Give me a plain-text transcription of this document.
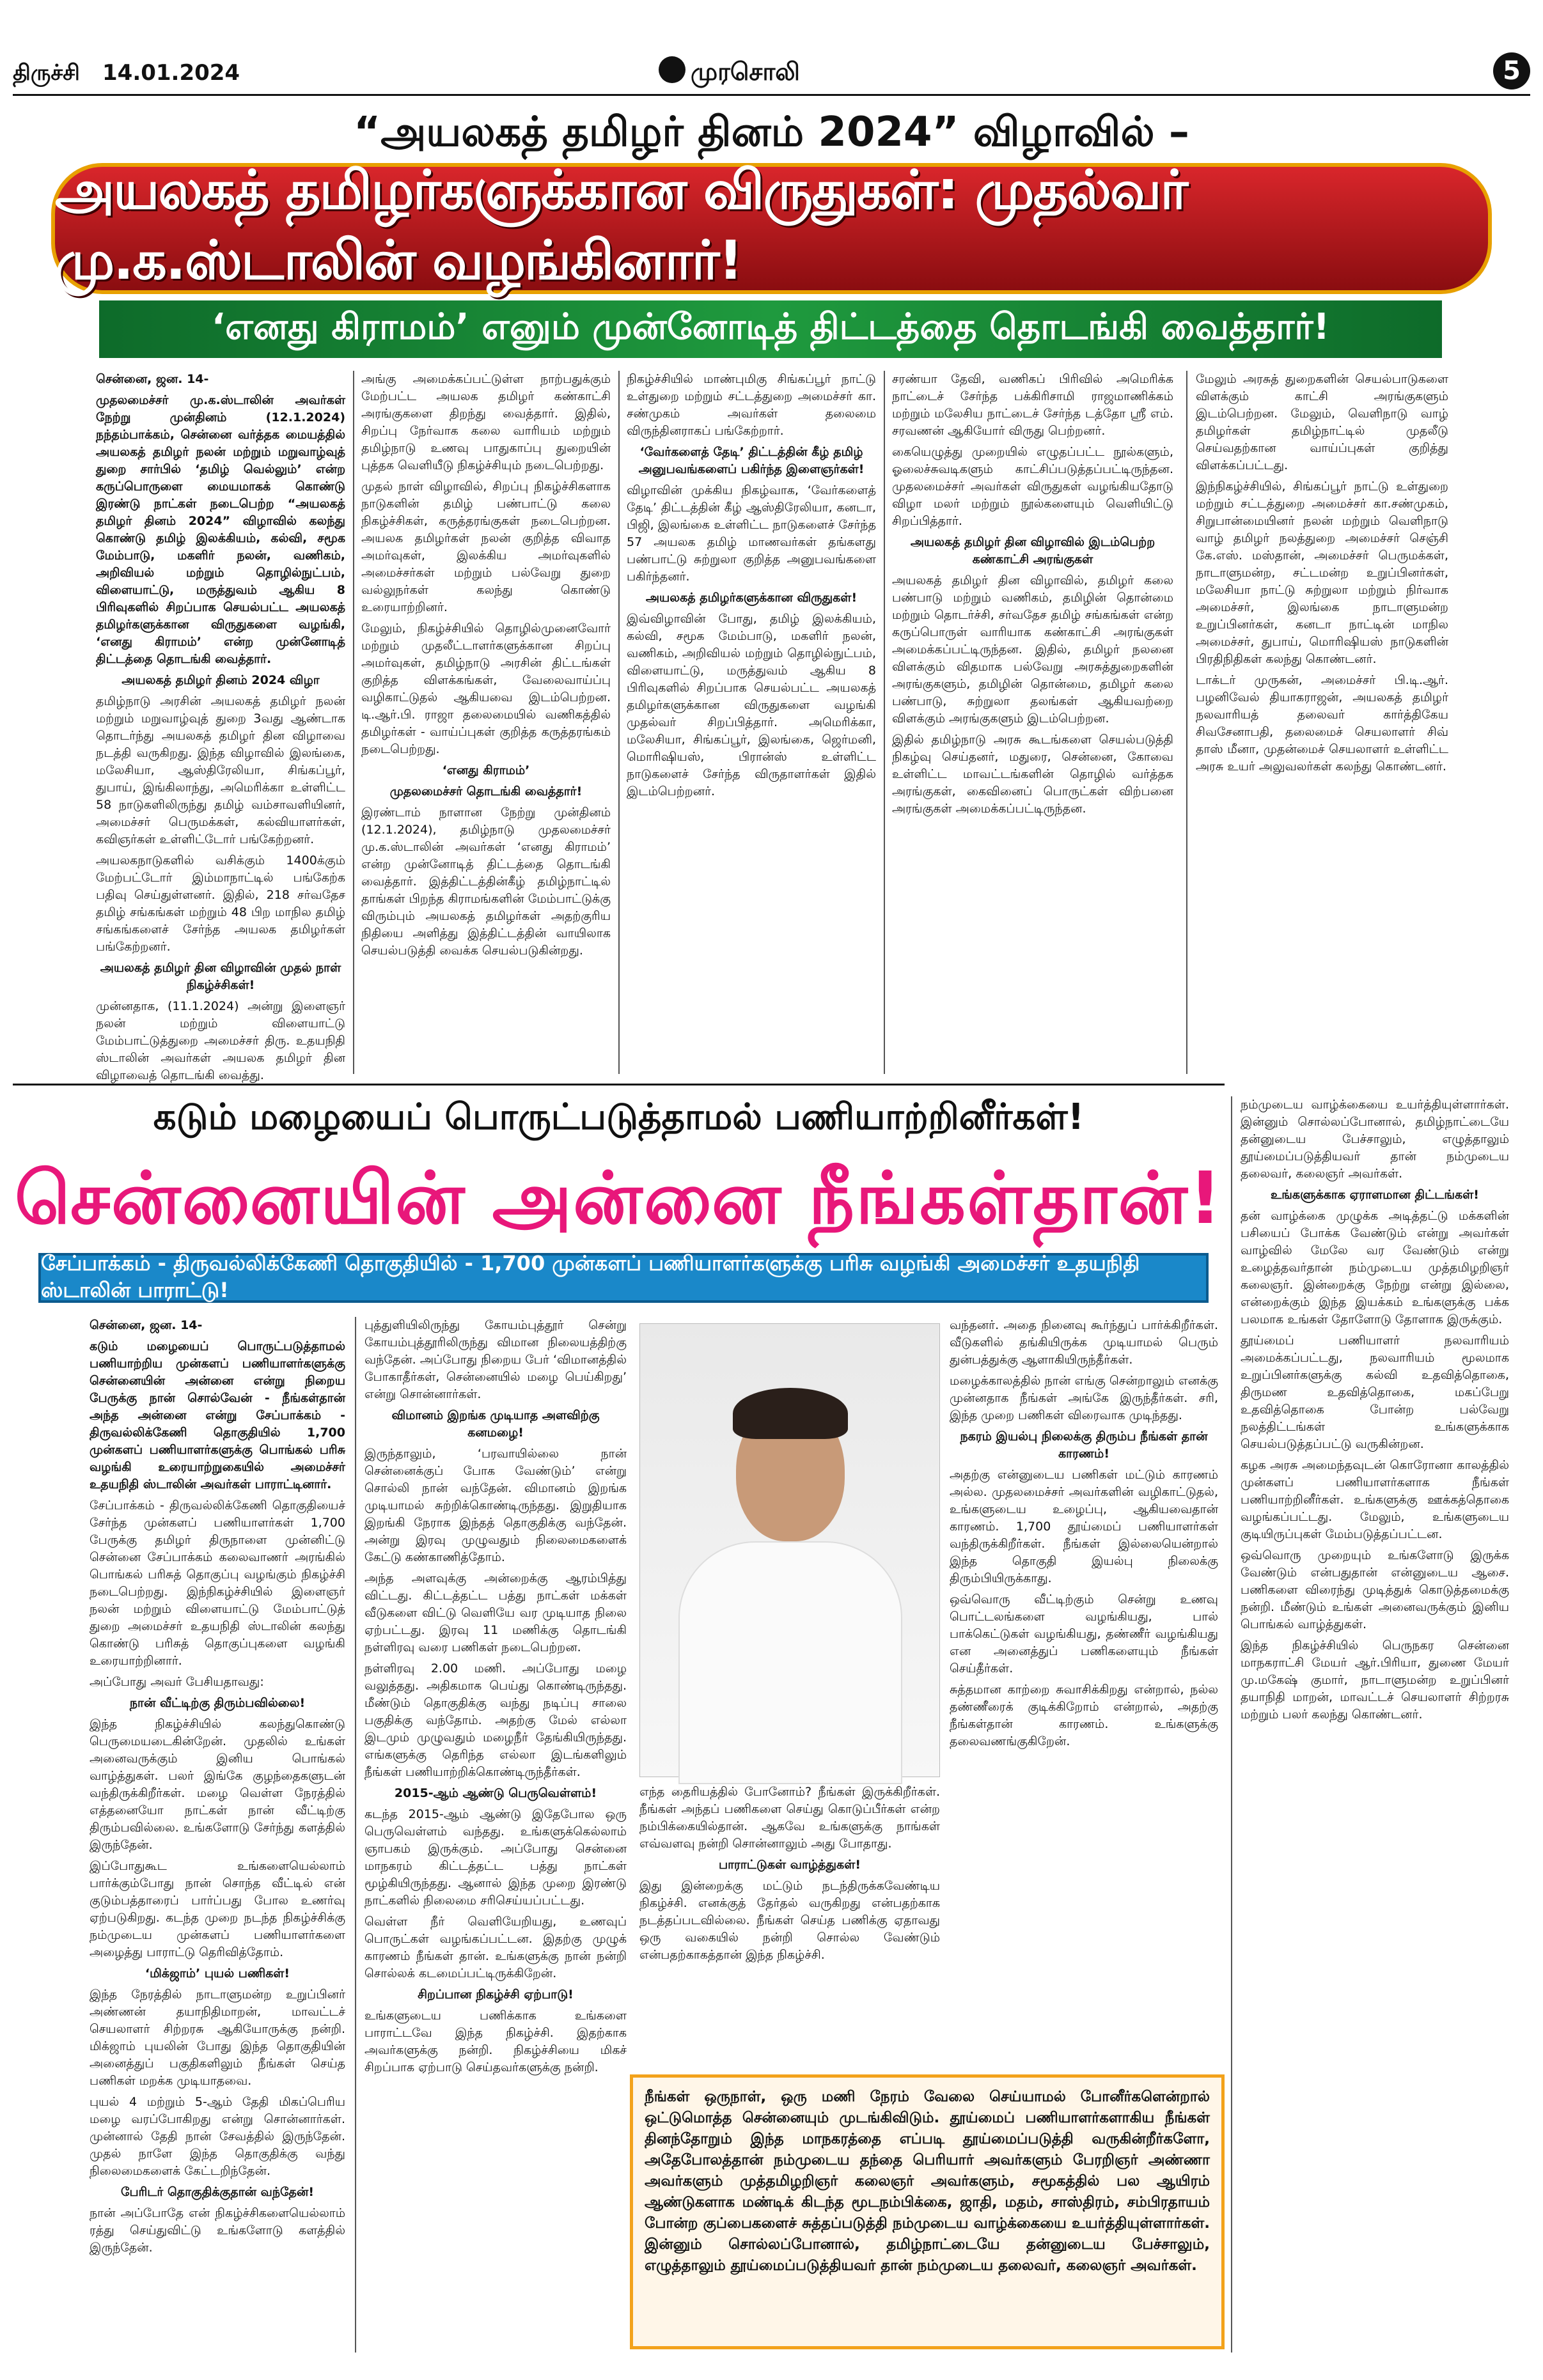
திருச்சி 14.01.2024	முரசொலி	5
“அயலகத் தமிழர் தினம் 2024” விழாவில் –
அயலகத் தமிழர்களுக்கான விருதுகள்: முதல்வர் மு.க.ஸ்டாலின் வழங்கினார்!
‘எனது கிராமம்’ எனும் முன்னோடித் திட்டத்தை தொடங்கி வைத்தார்!

சென்னை, ஜன. 14-

முதலமைச்சர் மு.க.ஸ்டாலின் அவர்கள் நேற்று முன்தினம் (12.1.2024) நந்தம்பாக்கம், சென்னை வர்த்தக மையத்தில் அயலகத் தமிழர் நலன் மற்றும் மறுவாழ்வுத் துறை சார்பில் ‘தமிழ் வெல்லும்’ என்ற கருப்பொருளை மையமாகக் கொண்டு இரண்டு நாட்கள் நடைபெற்ற “அயலகத் தமிழர் தினம் 2024” விழாவில் கலந்து கொண்டு தமிழ் இலக்கியம், கல்வி, சமூக மேம்பாடு, மகளிர் நலன், வணிகம், அறிவியல் மற்றும் தொழில்நுட்பம், விளையாட்டு, மருத்துவம் ஆகிய 8 பிரிவுகளில் சிறப்பாக செயல்பட்ட அயலகத் தமிழர்களுக்கான விருதுகளை வழங்கி, ‘எனது கிராமம்’ என்ற முன்னோடித் திட்டத்தை தொடங்கி வைத்தார்.

அயலகத் தமிழர் தினம் 2024 விழா

தமிழ்நாடு அரசின் அயலகத் தமிழர் நலன் மற்றும் மறுவாழ்வுத் துறை 3வது ஆண்டாக தொடர்ந்து அயலகத் தமிழர் தின விழாவை நடத்தி வருகிறது. இந்த விழாவில் இலங்கை, மலேசியா, ஆஸ்திரேலியா, சிங்கப்பூர், துபாய், இங்கிலாந்து, அமெரிக்கா உள்ளிட்ட 58 நாடுகளிலிருந்து தமிழ் வம்சாவளியினர், அமைச்சர் பெருமக்கள், கல்வியாளர்கள், கவிஞர்கள் உள்ளிட்டோர் பங்கேற்றனர்.

அயலகநாடுகளில் வசிக்கும் 1400க்கும் மேற்பட்டோர் இம்மாநாட்டில் பங்கேற்க பதிவு செய்துள்ளனர். இதில், 218 சர்வதேச தமிழ் சங்கங்கள் மற்றும் 48 பிற மாநில தமிழ் சங்கங்களைச் சேர்ந்த அயலக தமிழர்கள் பங்கேற்றனர்.

அயலகத் தமிழர் தின விழாவின் முதல் நாள் நிகழ்ச்சிகள்!

முன்னதாக, (11.1.2024) அன்று இளைஞர் நலன் மற்றும் விளையாட்டு மேம்பாட்டுத்துறை அமைச்சர் திரு. உதயநிதி ஸ்டாலின் அவர்கள் அயலக தமிழர் தின விழாவைத் தொடங்கி வைத்து.

அங்கு அமைக்கப்பட்டுள்ள நாற்பதுக்கும் மேற்பட்ட அயலக தமிழர் கண்காட்சி அரங்குகளை திறந்து வைத்தார். இதில், சிறப்பு நேர்வாக கலை வாரியம் மற்றும் தமிழ்நாடு உணவு பாதுகாப்பு துறையின் புத்தக வெளியீடு நிகழ்ச்சியும் நடைபெற்றது.

முதல் நாள் விழாவில், சிறப்பு நிகழ்ச்சிகளாக நாடுகளின் தமிழ் பண்பாட்டு கலை நிகழ்ச்சிகள், கருத்தரங்குகள் நடைபெற்றன. அயலக தமிழர்கள் நலன் குறித்த விவாத அமர்வுகள், இலக்கிய அமர்வுகளில் அமைச்சர்கள் மற்றும் பல்வேறு துறை வல்லுநர்கள் கலந்து கொண்டு உரையாற்றினர்.

மேலும், நிகழ்ச்சியில் தொழில்முனைவோர் மற்றும் முதலீட்டாளர்களுக்கான சிறப்பு அமர்வுகள், தமிழ்நாடு அரசின் திட்டங்கள் குறித்த விளக்கங்கள், வேலைவாய்ப்பு வழிகாட்டுதல் ஆகியவை இடம்பெற்றன. டி.ஆர்.பி. ராஜா தலைமையில் வணிகத்தில் தமிழர்கள் - வாய்ப்புகள் குறித்த கருத்தரங்கம் நடைபெற்றது.

‘எனது கிராமம்’

முதலமைச்சர் தொடங்கி வைத்தார்!

இரண்டாம் நாளான நேற்று முன்தினம் (12.1.2024), தமிழ்நாடு முதலமைச்சர் மு.க.ஸ்டாலின் அவர்கள் ‘எனது கிராமம்’ என்ற முன்னோடித் திட்டத்தை தொடங்கி வைத்தார். இத்திட்டத்தின்கீழ் தமிழ்நாட்டில் தாங்கள் பிறந்த கிராமங்களின் மேம்பாட்டுக்கு விரும்பும் அயலகத் தமிழர்கள் அதற்குரிய நிதியை அளித்து இத்திட்டத்தின் வாயிலாக செயல்படுத்தி வைக்க செயல்படுகின்றது.

நிகழ்ச்சியில் மாண்புமிகு சிங்கப்பூர் நாட்டு உள்துறை மற்றும் சட்டத்துறை அமைச்சர் கா. சண்முகம் அவர்கள் தலைமை விருந்தினராகப் பங்கேற்றார்.

‘வேர்களைத் தேடி’ திட்டத்தின் கீழ் தமிழ் அனுபவங்களைப் பகிர்ந்த இளைஞர்கள்!

விழாவின் முக்கிய நிகழ்வாக, ‘வேர்களைத் தேடி’ திட்டத்தின் கீழ் ஆஸ்திரேலியா, கனடா, பிஜி, இலங்கை உள்ளிட்ட நாடுகளைச் சேர்ந்த 57 அயலக தமிழ் மாணவர்கள் தங்களது பண்பாட்டு சுற்றுலா குறித்த அனுபவங்களை பகிர்ந்தனர்.

அயலகத் தமிழர்களுக்கான விருதுகள்!

இவ்விழாவின் போது, தமிழ் இலக்கியம், கல்வி, சமூக மேம்பாடு, மகளிர் நலன், வணிகம், அறிவியல் மற்றும் தொழில்நுட்பம், விளையாட்டு, மருத்துவம் ஆகிய 8 பிரிவுகளில் சிறப்பாக செயல்பட்ட அயலகத் தமிழர்களுக்கான விருதுகளை வழங்கி முதல்வர் சிறப்பித்தார். அமெரிக்கா, மலேசியா, சிங்கப்பூர், இலங்கை, ஜெர்மனி, மொரிஷியஸ், பிரான்ஸ் உள்ளிட்ட நாடுகளைச் சேர்ந்த விருதாளர்கள் இதில் இடம்பெற்றனர்.

சரண்யா தேவி, வணிகப் பிரிவில் அமெரிக்க நாட்டைச் சேர்ந்த பக்கிரிசாமி ராஜமாணிக்கம் மற்றும் மலேசிய நாட்டைச் சேர்ந்த டத்தோ ஸ்ரீ எம். சரவணன் ஆகியோர் விருது பெற்றனர்.

கையெழுத்து முறையில் எழுதப்பட்ட நூல்களும், ஓலைச்சுவடிகளும் காட்சிப்படுத்தப்பட்டிருந்தன. முதலமைச்சர் அவர்கள் விருதுகள் வழங்கியதோடு விழா மலர் மற்றும் நூல்களையும் வெளியிட்டு சிறப்பித்தார்.

அயலகத் தமிழர் தின விழாவில் இடம்பெற்ற கண்காட்சி அரங்குகள்

அயலகத் தமிழர் தின விழாவில், தமிழர் கலை பண்பாடு மற்றும் வணிகம், தமிழின் தொன்மை மற்றும் தொடர்ச்சி, சர்வதேச தமிழ் சங்கங்கள் என்ற கருப்பொருள் வாரியாக கண்காட்சி அரங்குகள் அமைக்கப்பட்டிருந்தன. இதில், தமிழர் நலனை விளக்கும் விதமாக பல்வேறு அரசுத்துறைகளின் அரங்குகளும், தமிழின் தொன்மை, தமிழர் கலை பண்பாடு, சுற்றுலா தலங்கள் ஆகியவற்றை விளக்கும் அரங்குகளும் இடம்பெற்றன.

இதில் தமிழ்நாடு அரசு கூடங்களை செயல்படுத்தி நிகழ்வு செய்தனர், மதுரை, சென்னை, கோவை உள்ளிட்ட மாவட்டங்களின் தொழில் வர்த்தக அரங்குகள், கைவினைப் பொருட்கள் விற்பனை அரங்குகள் அமைக்கப்பட்டிருந்தன.

மேலும் அரசுத் துறைகளின் செயல்பாடுகளை விளக்கும் காட்சி அரங்குகளும் இடம்பெற்றன. மேலும், வெளிநாடு வாழ் தமிழர்கள் தமிழ்நாட்டில் முதலீடு செய்வதற்கான வாய்ப்புகள் குறித்து விளக்கப்பட்டது.

இந்நிகழ்ச்சியில், சிங்கப்பூர் நாட்டு உள்துறை மற்றும் சட்டத்துறை அமைச்சர் கா.சண்முகம், சிறுபான்மையினர் நலன் மற்றும் வெளிநாடு வாழ் தமிழர் நலத்துறை அமைச்சர் செஞ்சி கே.எஸ். மஸ்தான், அமைச்சர் பெருமக்கள், நாடாளுமன்ற, சட்டமன்ற உறுப்பினர்கள், மலேசியா நாட்டு சுற்றுலா மற்றும் நிர்வாக அமைச்சர், இலங்கை நாடாளுமன்ற உறுப்பினர்கள், கனடா நாட்டின் மாநில அமைச்சர், துபாய், மொரிஷியஸ் நாடுகளின் பிரதிநிதிகள் கலந்து கொண்டனர்.

டாக்டர் முருகன், அமைச்சர் பி.டி.ஆர். பழனிவேல் தியாகராஜன், அயலகத் தமிழர் நலவாரியத் தலைவர் கார்த்திகேய சிவசேனாபதி, தலைமைச் செயலாளர் சிவ் தாஸ் மீனா, முதன்மைச் செயலாளர் உள்ளிட்ட அரசு உயர் அலுவலர்கள் கலந்து கொண்டனர்.

கடும் மழையைப் பொருட்படுத்தாமல் பணியாற்றினீர்கள்!
சென்னையின் அன்னை நீங்கள்தான்!
சேப்பாக்கம் - திருவல்லிக்கேணி தொகுதியில் - 1,700 முன்களப் பணியாளர்களுக்கு பரிசு வழங்கி அமைச்சர் உதயநிதி ஸ்டாலின் பாராட்டு!

சென்னை, ஜன. 14-

கடும் மழையைப் பொருட்படுத்தாமல் பணியாற்றிய முன்களப் பணியாளர்களுக்கு சென்னையின் அன்னை என்று நிறைய பேருக்கு நான் சொல்வேன் - நீங்கள்தான் அந்த அன்னை என்று சேப்பாக்கம் - திருவல்லிக்கேணி தொகுதியில் 1,700 முன்களப் பணியாளர்களுக்கு பொங்கல் பரிசு வழங்கி உரையாற்றுகையில் அமைச்சர் உதயநிதி ஸ்டாலின் அவர்கள் பாராட்டினார்.

சேப்பாக்கம் - திருவல்லிக்கேணி தொகுதியைச் சேர்ந்த முன்களப் பணியாளர்கள் 1,700 பேருக்கு தமிழர் திருநாளை முன்னிட்டு சென்னை சேப்பாக்கம் கலைவாணர் அரங்கில் பொங்கல் பரிசுத் தொகுப்பு வழங்கும் நிகழ்ச்சி நடைபெற்றது. இந்நிகழ்ச்சியில் இளைஞர் நலன் மற்றும் விளையாட்டு மேம்பாட்டுத் துறை அமைச்சர் உதயநிதி ஸ்டாலின் கலந்து கொண்டு பரிசுத் தொகுப்புகளை வழங்கி உரையாற்றினார்.

அப்போது அவர் பேசியதாவது:

நான் வீட்டிற்கு திரும்பவில்லை!

இந்த நிகழ்ச்சியில் கலந்துகொண்டு பெருமையடைகின்றேன். முதலில் உங்கள் அனைவருக்கும் இனிய பொங்கல் வாழ்த்துகள். பலர் இங்கே குழந்தைகளுடன் வந்திருக்கிறீர்கள். மழை வெள்ள நேரத்தில் எத்தனையோ நாட்கள் நான் வீட்டிற்கு திரும்பவில்லை. உங்களோடு சேர்ந்து களத்தில் இருந்தேன்.

இப்போதுகூட உங்களையெல்லாம் பார்க்கும்போது நான் சொந்த வீட்டில் என் குடும்பத்தாரைப் பார்ப்பது போல உணர்வு ஏற்படுகிறது. கடந்த முறை நடந்த நிகழ்ச்சிக்கு நம்முடைய முன்களப் பணியாளர்களை அழைத்து பாராட்டு தெரிவித்தோம்.

‘மிக்ஜாம்’ புயல் பணிகள்!

இந்த நேரத்தில் நாடாளுமன்ற உறுப்பினர் அண்ணன் தயாநிதிமாறன், மாவட்டச் செயலாளர் சிற்றரசு ஆகியோருக்கு நன்றி. மிக்ஜாம் புயலின் போது இந்த தொகுதியின் அனைத்துப் பகுதிகளிலும் நீங்கள் செய்த பணிகள் மறக்க முடியாதவை.

புயல் 4 மற்றும் 5-ஆம் தேதி மிகப்பெரிய மழை வரப்போகிறது என்று சொன்னார்கள். முன்னால் தேதி நான் சேவத்தில் இருந்தேன். முதல் நாளே இந்த தொகுதிக்கு வந்து நிலைமைகளைக் கேட்டறிந்தேன்.

பேரிடர் தொகுதிக்குதான் வந்தேன்!

நான் அப்போதே என் நிகழ்ச்சிகளையெல்லாம் ரத்து செய்துவிட்டு உங்களோடு களத்தில் இருந்தேன்.

புத்துளியிலிருந்து கோயம்புத்தூர் சென்று கோயம்புத்தூரிலிருந்து விமான நிலையத்திற்கு வந்தேன். அப்போது நிறைய பேர் ‘விமானத்தில் போகாதீர்கள், சென்னையில் மழை பெய்கிறது’ என்று சொன்னார்கள்.

விமானம் இறங்க முடியாத அளவிற்கு கனமழை!

இருந்தாலும், ‘பரவாயில்லை நான் சென்னைக்குப் போக வேண்டும்’ என்று சொல்லி நான் வந்தேன். விமானம் இறங்க முடியாமல் சுற்றிக்கொண்டிருந்தது. இறுதியாக இறங்கி நேராக இந்தத் தொகுதிக்கு வந்தேன். அன்று இரவு முழுவதும் நிலைமைகளைக் கேட்டு கண்காணித்தோம்.

அந்த அளவுக்கு அன்றைக்கு ஆரம்பித்து விட்டது. கிட்டத்தட்ட பத்து நாட்கள் மக்கள் வீடுகளை விட்டு வெளியே வர முடியாத நிலை ஏற்பட்டது. இரவு 11 மணிக்கு தொடங்கி நள்ளிரவு வரை பணிகள் நடைபெற்றன.

நள்ளிரவு 2.00 மணி. அப்போது மழை வலுத்தது. அதிகமாக பெய்து கொண்டிருந்தது. மீண்டும் தொகுதிக்கு வந்து நடிப்பு சாலை பகுதிக்கு வந்தோம். அதற்கு மேல் எல்லா இடமும் முழுவதும் மழைநீர் தேங்கியிருந்தது. எங்களுக்கு தெரிந்த எல்லா இடங்களிலும் நீங்கள் பணியாற்றிக்கொண்டிருந்தீர்கள்.

2015-ஆம் ஆண்டு பெருவெள்ளம்!

கடந்த 2015-ஆம் ஆண்டு இதேபோல ஒரு பெருவெள்ளம் வந்தது. உங்களுக்கெல்லாம் ஞாபகம் இருக்கும். அப்போது சென்னை மாநகரம் கிட்டத்தட்ட பத்து நாட்கள் மூழ்கியிருந்தது. ஆனால் இந்த முறை இரண்டு நாட்களில் நிலைமை சரிசெய்யப்பட்டது.

வெள்ள நீர் வெளியேறியது, உணவுப் பொருட்கள் வழங்கப்பட்டன. இதற்கு முழுக் காரணம் நீங்கள் தான். உங்களுக்கு நான் நன்றி சொல்லக் கடமைப்பட்டிருக்கிறேன்.

சிறப்பான நிகழ்ச்சி ஏற்பாடு!

உங்களுடைய பணிக்காக உங்களை பாராட்டவே இந்த நிகழ்ச்சி. இதற்காக அவர்களுக்கு நன்றி. நிகழ்ச்சியை மிகச் சிறப்பாக ஏற்பாடு செய்தவர்களுக்கு நன்றி.

எந்த தைரியத்தில் போனோம்? நீங்கள் இருக்கிறீர்கள். நீங்கள் அந்தப் பணிகளை செய்து கொடுப்பீர்கள் என்ற நம்பிக்கையில்தான். ஆகவே உங்களுக்கு நாங்கள் எவ்வளவு நன்றி சொன்னாலும் அது போதாது.

பாராட்டுகள் வாழ்த்துகள்!

இது இன்றைக்கு மட்டும் நடந்திருக்கவேண்டிய நிகழ்ச்சி. எனக்குத் தேர்தல் வருகிறது என்பதற்காக நடத்தப்படவில்லை. நீங்கள் செய்த பணிக்கு ஏதாவது ஒரு வகையில் நன்றி சொல்ல வேண்டும் என்பதற்காகத்தான் இந்த நிகழ்ச்சி.

வந்தனர். அதை நினைவு கூர்ந்துப் பார்க்கிறீர்கள். வீடுகளில் தங்கியிருக்க முடியாமல் பெரும் துன்பத்துக்கு ஆளாகியிருந்தீர்கள்.

மழைக்காலத்தில் நான் எங்கு சென்றாலும் எனக்கு முன்னதாக நீங்கள் அங்கே இருந்தீர்கள். சரி, இந்த முறை பணிகள் விரைவாக முடிந்தது.

நகரம் இயல்பு நிலைக்கு திரும்ப நீங்கள் தான் காரணம்!

அதற்கு என்னுடைய பணிகள் மட்டும் காரணம் அல்ல. முதலமைச்சர் அவர்களின் வழிகாட்டுதல், உங்களுடைய உழைப்பு, ஆகியவைதான் காரணம். 1,700 தூய்மைப் பணியாளர்கள் வந்திருக்கிறீர்கள். நீங்கள் இல்லையென்றால் இந்த தொகுதி இயல்பு நிலைக்கு திரும்பியிருக்காது.

ஒவ்வொரு வீட்டிற்கும் சென்று உணவு பொட்டலங்களை வழங்கியது, பால் பாக்கெட்டுகள் வழங்கியது, தண்ணீர் வழங்கியது என அனைத்துப் பணிகளையும் நீங்கள் செய்தீர்கள்.

சுத்தமான காற்றை சுவாசிக்கிறது என்றால், நல்ல தண்ணீரைக் குடிக்கிறோம் என்றால், அதற்கு நீங்கள்தான் காரணம். உங்களுக்கு தலைவணங்குகிறேன்.

நீங்கள் ஒருநாள், ஒரு மணி நேரம் வேலை செய்யாமல் போனீர்களென்றால் ஒட்டுமொத்த சென்னையும் முடங்கிவிடும். தூய்மைப் பணியாளர்களாகிய நீங்கள் தினந்தோறும் இந்த மாநகரத்தை எப்படி தூய்மைப்படுத்தி வருகின்றீர்களோ, அதேபோலத்தான் நம்முடைய தந்தை பெரியார் அவர்களும் பேரறிஞர் அண்ணா அவர்களும் முத்தமிழறிஞர் கலைஞர் அவர்களும், சமூகத்தில் பல ஆயிரம் ஆண்டுகளாக மண்டிக் கிடந்த மூடநம்பிக்கை, ஜாதி, மதம், சாஸ்திரம், சம்பிரதாயம் போன்ற குப்பைகளைச் சுத்தப்படுத்தி நம்முடைய வாழ்க்கையை உயர்த்தியுள்ளார்கள். இன்னும் சொல்லப்போனால், தமிழ்நாட்டையே தன்னுடைய பேச்சாலும், எழுத்தாலும் தூய்மைப்படுத்தியவர் தான் நம்முடைய தலைவர், கலைஞர் அவர்கள்.

நம்முடைய வாழ்க்கையை உயர்த்தியுள்ளார்கள். இன்னும் சொல்லப்போனால், தமிழ்நாட்டையே தன்னுடைய பேச்சாலும், எழுத்தாலும் தூய்மைப்படுத்தியவர் தான் நம்முடைய தலைவர், கலைஞர் அவர்கள்.

உங்களுக்காக ஏராளமான திட்டங்கள்!

தன் வாழ்க்கை முழுக்க அடித்தட்டு மக்களின் பசியைப் போக்க வேண்டும் என்று அவர்கள் வாழ்வில் மேலே வர வேண்டும் என்று உழைத்தவர்தான் நம்முடைய முத்தமிழறிஞர் கலைஞர். இன்றைக்கு நேற்று என்று இல்லை, என்றைக்கும் இந்த இயக்கம் உங்களுக்கு பக்க பலமாக உங்கள் தோளோடு தோளாக இருக்கும்.

தூய்மைப் பணியாளர் நலவாரியம் அமைக்கப்பட்டது, நலவாரியம் மூலமாக உறுப்பினர்களுக்கு கல்வி உதவித்தொகை, திருமண உதவித்தொகை, மகப்பேறு உதவித்தொகை போன்ற பல்வேறு நலத்திட்டங்கள் உங்களுக்காக செயல்படுத்தப்பட்டு வருகின்றன.

கழக அரசு அமைந்தவுடன் கொரோனா காலத்தில் முன்களப் பணியாளர்களாக நீங்கள் பணியாற்றினீர்கள். உங்களுக்கு ஊக்கத்தொகை வழங்கப்பட்டது. மேலும், உங்களுடைய குடியிருப்புகள் மேம்படுத்தப்பட்டன.

ஒவ்வொரு முறையும் உங்களோடு இருக்க வேண்டும் என்பதுதான் என்னுடைய ஆசை. பணிகளை விரைந்து முடித்துக் கொடுத்தமைக்கு நன்றி. மீண்டும் உங்கள் அனைவருக்கும் இனிய பொங்கல் வாழ்த்துகள்.

இந்த நிகழ்ச்சியில் பெருநகர சென்னை மாநகராட்சி மேயர் ஆர்.பிரியா, துணை மேயர் மு.மகேஷ் குமார், நாடாளுமன்ற உறுப்பினர் தயாநிதி மாறன், மாவட்டச் செயலாளர் சிற்றரசு மற்றும் பலர் கலந்து கொண்டனர்.
